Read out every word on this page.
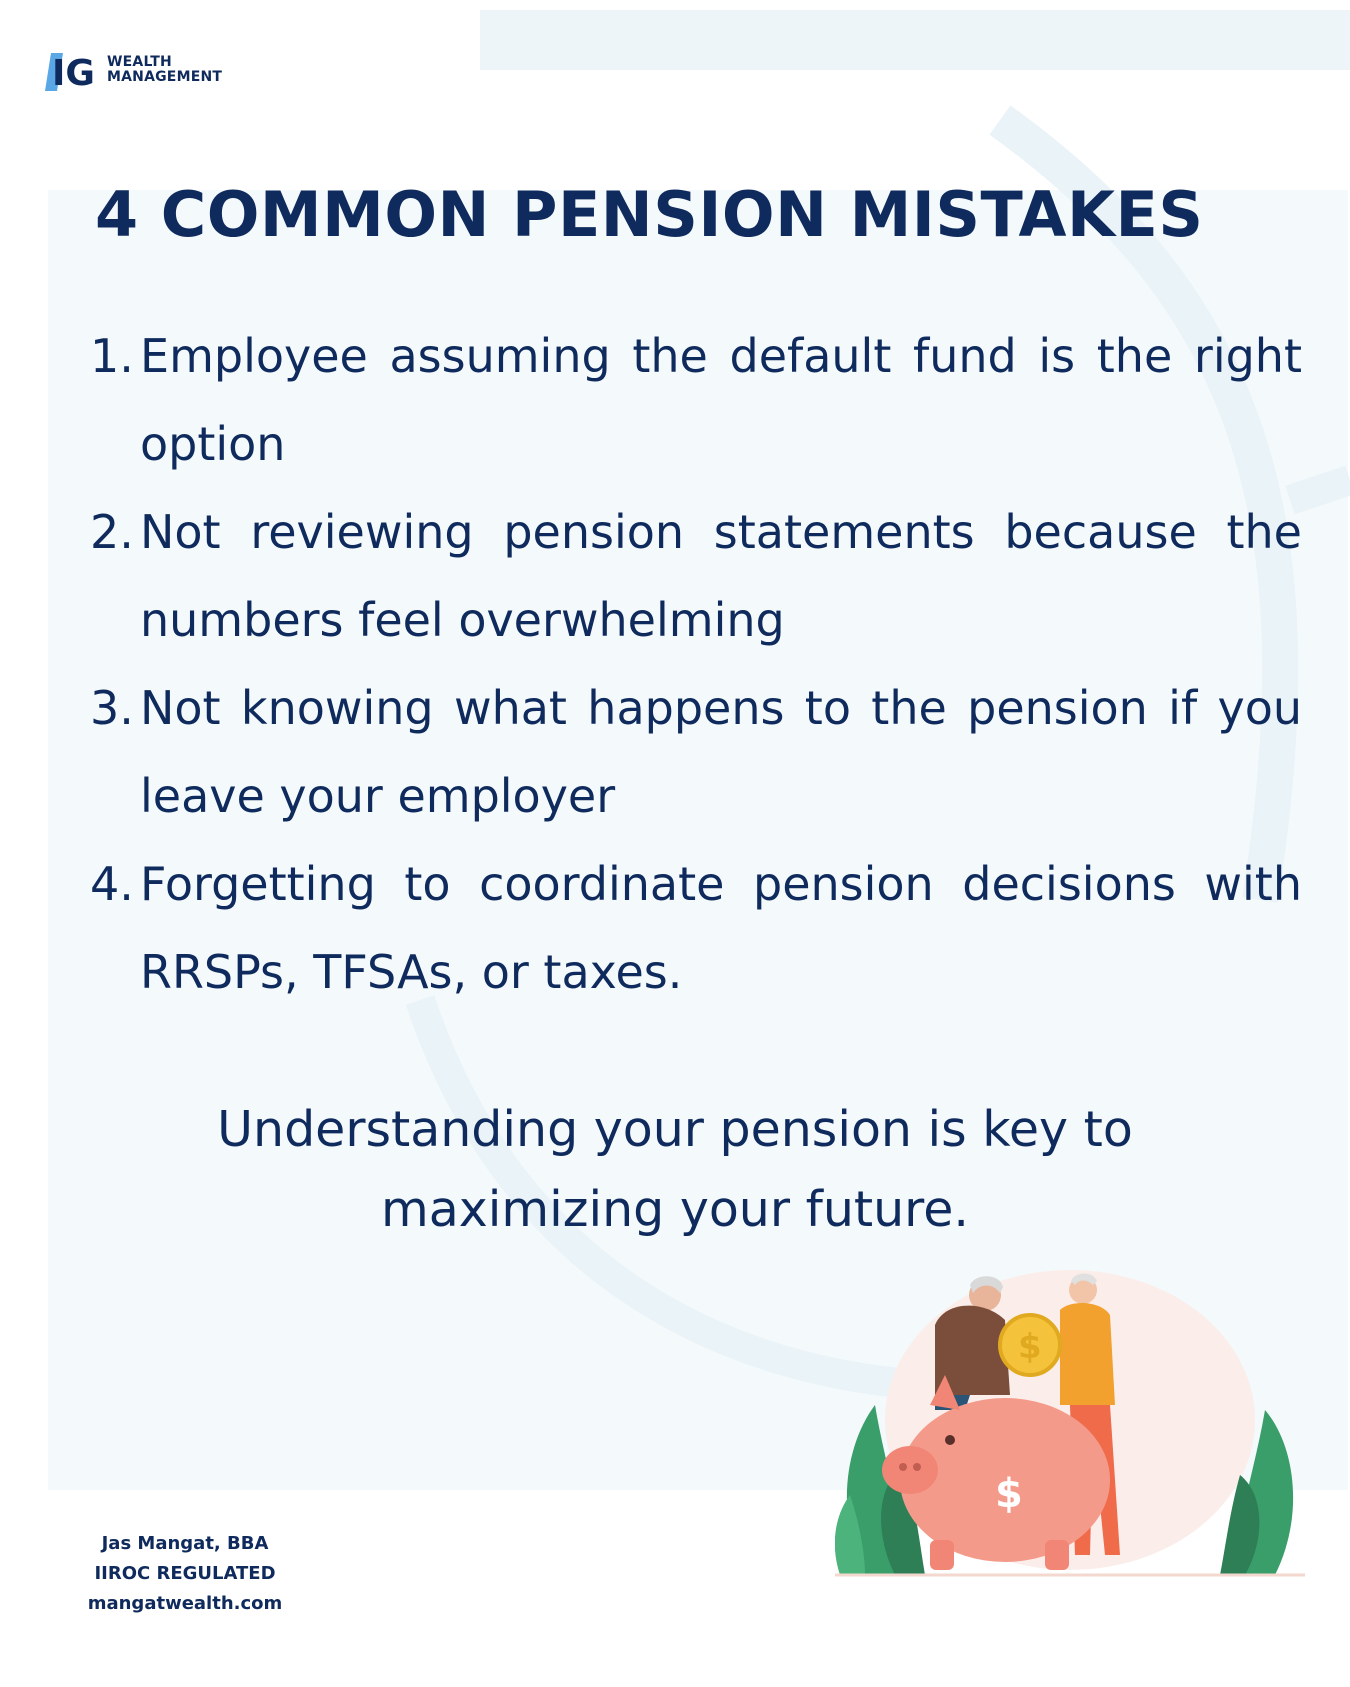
IG WEALTH
MANAGEMENT
4 COMMON PENSION MISTAKES
1. Employee assuming the default fund is the right option
2. Not reviewing pension statements because the numbers feel overwhelming
3. Not knowing what happens to the pension if you leave your employer
4. Forgetting to coordinate pension decisions with RRSPs, TFSAs, or taxes.
Understanding your pension is key to
maximizing your future.
Jas Mangat, BBA
IIROC REGULATED
mangatwealth.com
$
$
